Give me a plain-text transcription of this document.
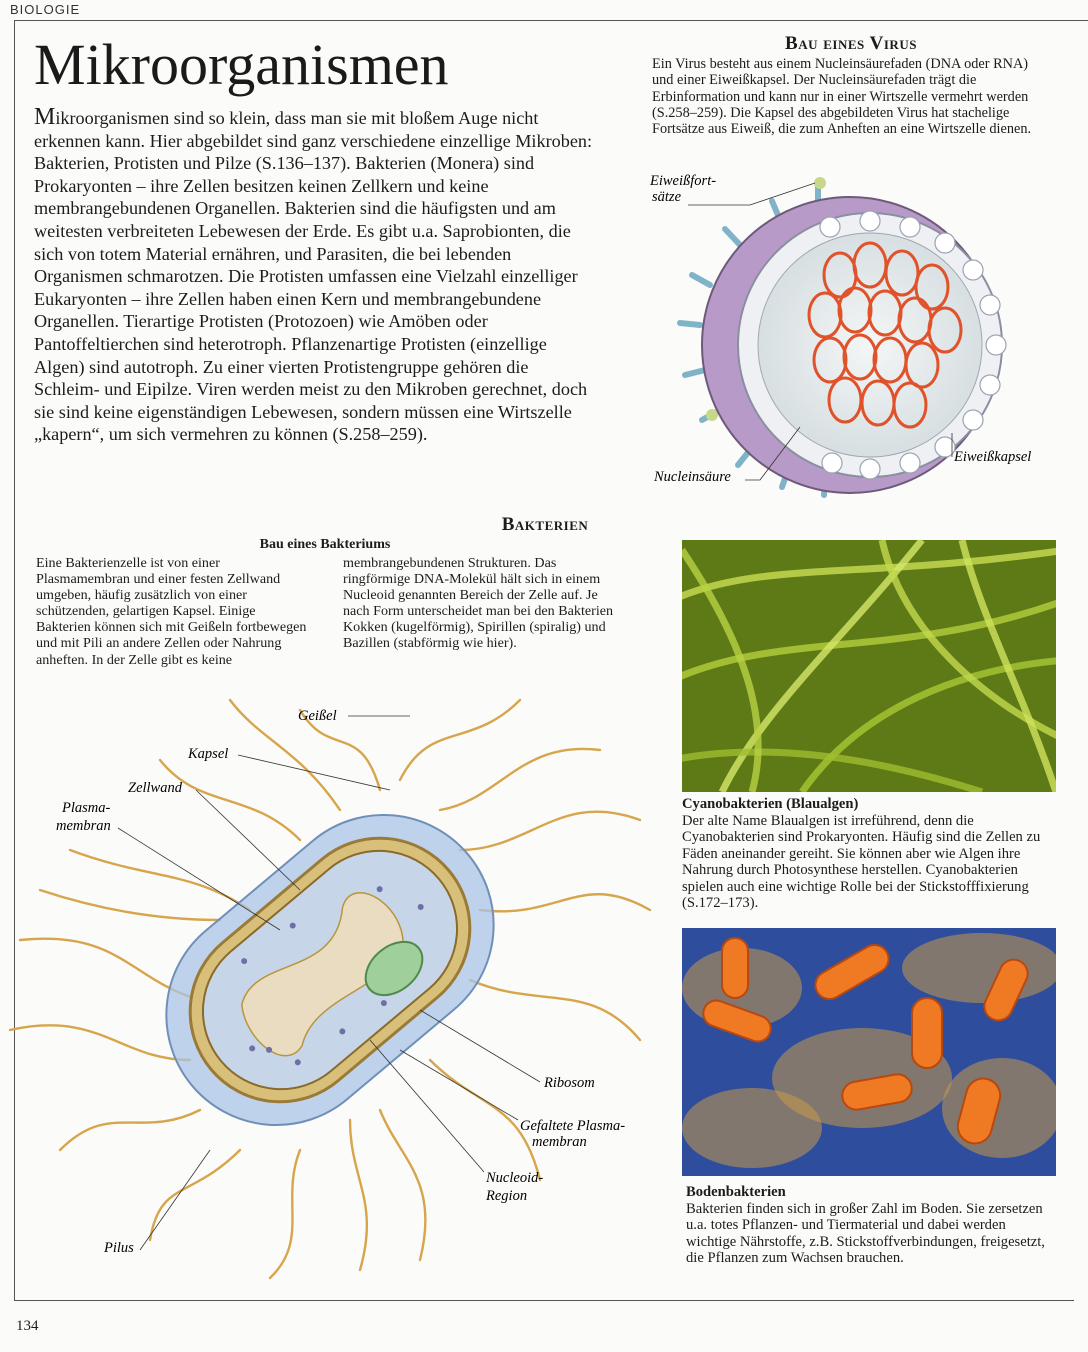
BIOLOGIE
Mikroorganismen

Mikroorganismen sind so klein, dass man sie mit bloßem Auge nicht erkennen kann. Hier abgebildet sind ganz verschiedene einzellige Mikroben: Bakterien, Protisten und Pilze (S.136–137). Bakterien (Monera) sind Prokaryonten – ihre Zellen besitzen keinen Zellkern und keine membrangebundenen Organellen. Bakterien sind die häufigsten und am weitesten verbreiteten Lebewesen der Erde. Es gibt u.a. Saprobionten, die sich von totem Material ernähren, und Parasiten, die bei lebenden Organismen schmarotzen. Die Protisten umfassen eine Vielzahl einzelliger Eukaryonten – ihre Zellen haben einen Kern und membrangebundene Organellen. Tierartige Protisten (Protozoen) wie Amöben oder Pantoffeltierchen sind heterotroph. Pflanzenartige Protisten (einzellige Algen) sind autotroph. Zu einer vierten Protistengruppe gehören die Schleim- und Eipilze. Viren werden meist zu den Mikroben gerechnet, doch sie sind keine eigenständigen Lebewesen, sondern müssen eine Wirtszelle „kapern“, um sich vermehren zu können (S.258–259).

Bau eines Virus

Ein Virus besteht aus einem Nucleinsäurefaden (DNA oder RNA) und einer Eiweißkapsel. Der Nucleinsäurefaden trägt die Erbinformation und kann nur in einer Wirtszelle vermehrt werden (S.258–259). Die Kapsel des abgebildeten Virus hat stachelige Fortsätze aus Eiweiß, die zum Anheften an eine Wirtszelle dienen.

Eiweißfort-
sätze
Nucleinsäure
Eiweißkapsel
Bakterien
Bau eines Bakteriums

Eine Bakterienzelle ist von einer Plasmamembran und einer festen Zellwand umgeben, häufig zusätzlich von einer schützenden, gelartigen Kapsel. Einige Bakterien können sich mit Geißeln fortbewegen und mit Pili an andere Zellen oder Nahrung anheften. In der Zelle gibt es keine membrangebundenen Strukturen. Das ringförmige DNA-Molekül hält sich in einem Nucleoid genannten Bereich der Zelle auf. Je nach Form unterscheidet man bei den Bakterien Kokken (kugelförmig), Spirillen (spiralig) und Bazillen (stabförmig wie hier).

Geißel
Kapsel
Zellwand
Plasma-
membran
Ribosom
Gefaltete Plasma-
membran
Nucleoid-
Region
Pilus

Cyanobakterien (Blaualgen)
Der alte Name Blaualgen ist irreführend, denn die Cyanobakterien sind Prokaryonten. Häufig sind die Zellen zu Fäden aneinander gereiht. Sie können aber wie Algen ihre Nahrung durch Photosynthese herstellen. Cyanobakterien spielen auch eine wichtige Rolle bei der Stickstofffixierung (S.172–173).

Bodenbakterien
Bakterien finden sich in großer Zahl im Boden. Sie zersetzen u.a. totes Pflanzen- und Tiermaterial und dabei werden wichtige Nährstoffe, z.B. Stickstoffverbindungen, freigesetzt, die Pflanzen zum Wachsen brauchen.

134
